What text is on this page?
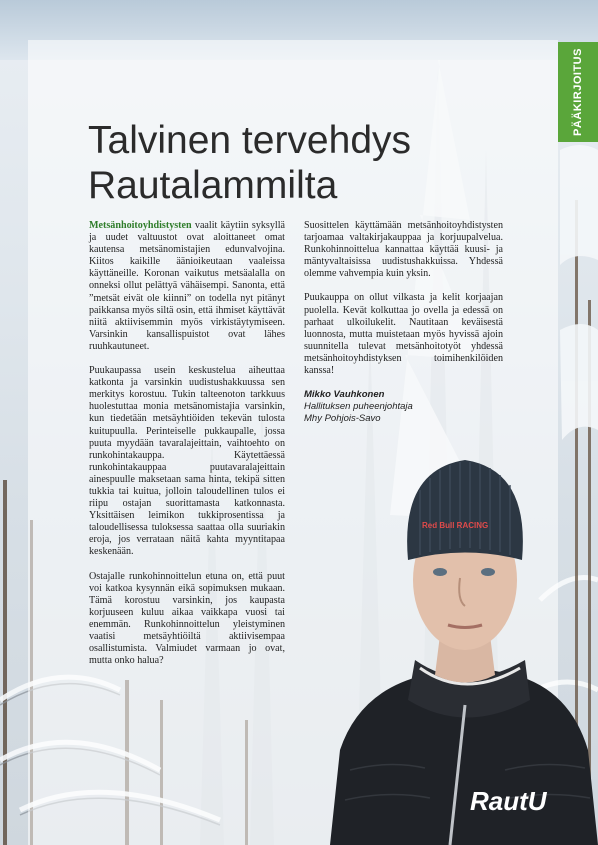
PÄÄKIRJOITUS
Talvinen tervehdys
Rautalammilta

Metsänhoitoyhdistysten vaalit käytiin syksyllä ja uudet valtuustot ovat aloittaneet omat kautensa metsänomistajien edunvalvojina. Kiitos kaikille äänioikeutaan vaaleissa käyttäneille. Koronan vaikutus metsäalalla on onneksi ollut pelättyä vähäisempi. Sanonta, että ”metsät eivät ole kiinni” on todella nyt pitänyt paikkansa myös siltä osin, että ihmiset käyttävät niitä aktiivisemmin myös virkistäytymiseen. Varsinkin kansallispuistot ovat lähes ruuhkautuneet.

Puukaupassa usein keskustelua aiheuttaa katkonta ja varsinkin uudistushakkuussa sen merkitys korostuu. Tukin talteenoton tarkkuus huolestuttaa monia metsänomistajia varsinkin, kun tiedetään metsäyhtiöiden tekevän tulosta kuitupuulla. Perinteiselle pukkaupalle, jossa puuta myydään tavaralajeittain, vaihtoehto on runkohintakauppa. Käytettäessä runkohintakauppaa puutavaralajeittain ainespuulle maksetaan sama hinta, tekipä sitten tukkia tai kuitua, jolloin taloudellinen tulos ei riipu ostajan suorittamasta katkonnasta. Yksittäisen leimikon tukkiprosentissa ja taloudellisessa tuloksessa saattaa olla suuriakin eroja, jos verrataan näitä kahta myyntitapaa keskenään.

Ostajalle runkohinnoittelun etuna on, että puut voi katkoa kysynnän eikä sopimuksen mukaan. Tämä korostuu varsinkin, jos kaupasta korjuuseen kuluu aikaa vaikkapa vuosi tai enemmän. Runkohinnoittelun yleistyminen vaatisi metsäyhtiöiltä aktiivisempaa osallistumista. Valmiudet varmaan jo ovat, mutta onko halua?

Suosittelen käyttämään metsänhoitoyhdistysten tarjoamaa valtakirjakauppaa ja korjuupalvelua. Runkohinnoittelua kannattaa käyttää kuusi- ja mäntyvaltaisissa uudistushakkuissa. Yhdessä olemme vahvempia kuin yksin.

Puukauppa on ollut vilkasta ja kelit korjaajan puolella. Kevät kolkuttaa jo ovella ja edessä on parhaat ulkoilukelit. Nautitaan keväisestä luonnosta, mutta muistetaan myös hyvissä ajoin suunnitella tulevat metsänhoitotyöt yhdessä metsänhoitoyhdistyksen toimihenkilöiden kanssa!

Mikko Vauhkonen
Hallituksen puheenjohtaja
Mhy Pohjois-Savo
RautU
Red Bull RACING
